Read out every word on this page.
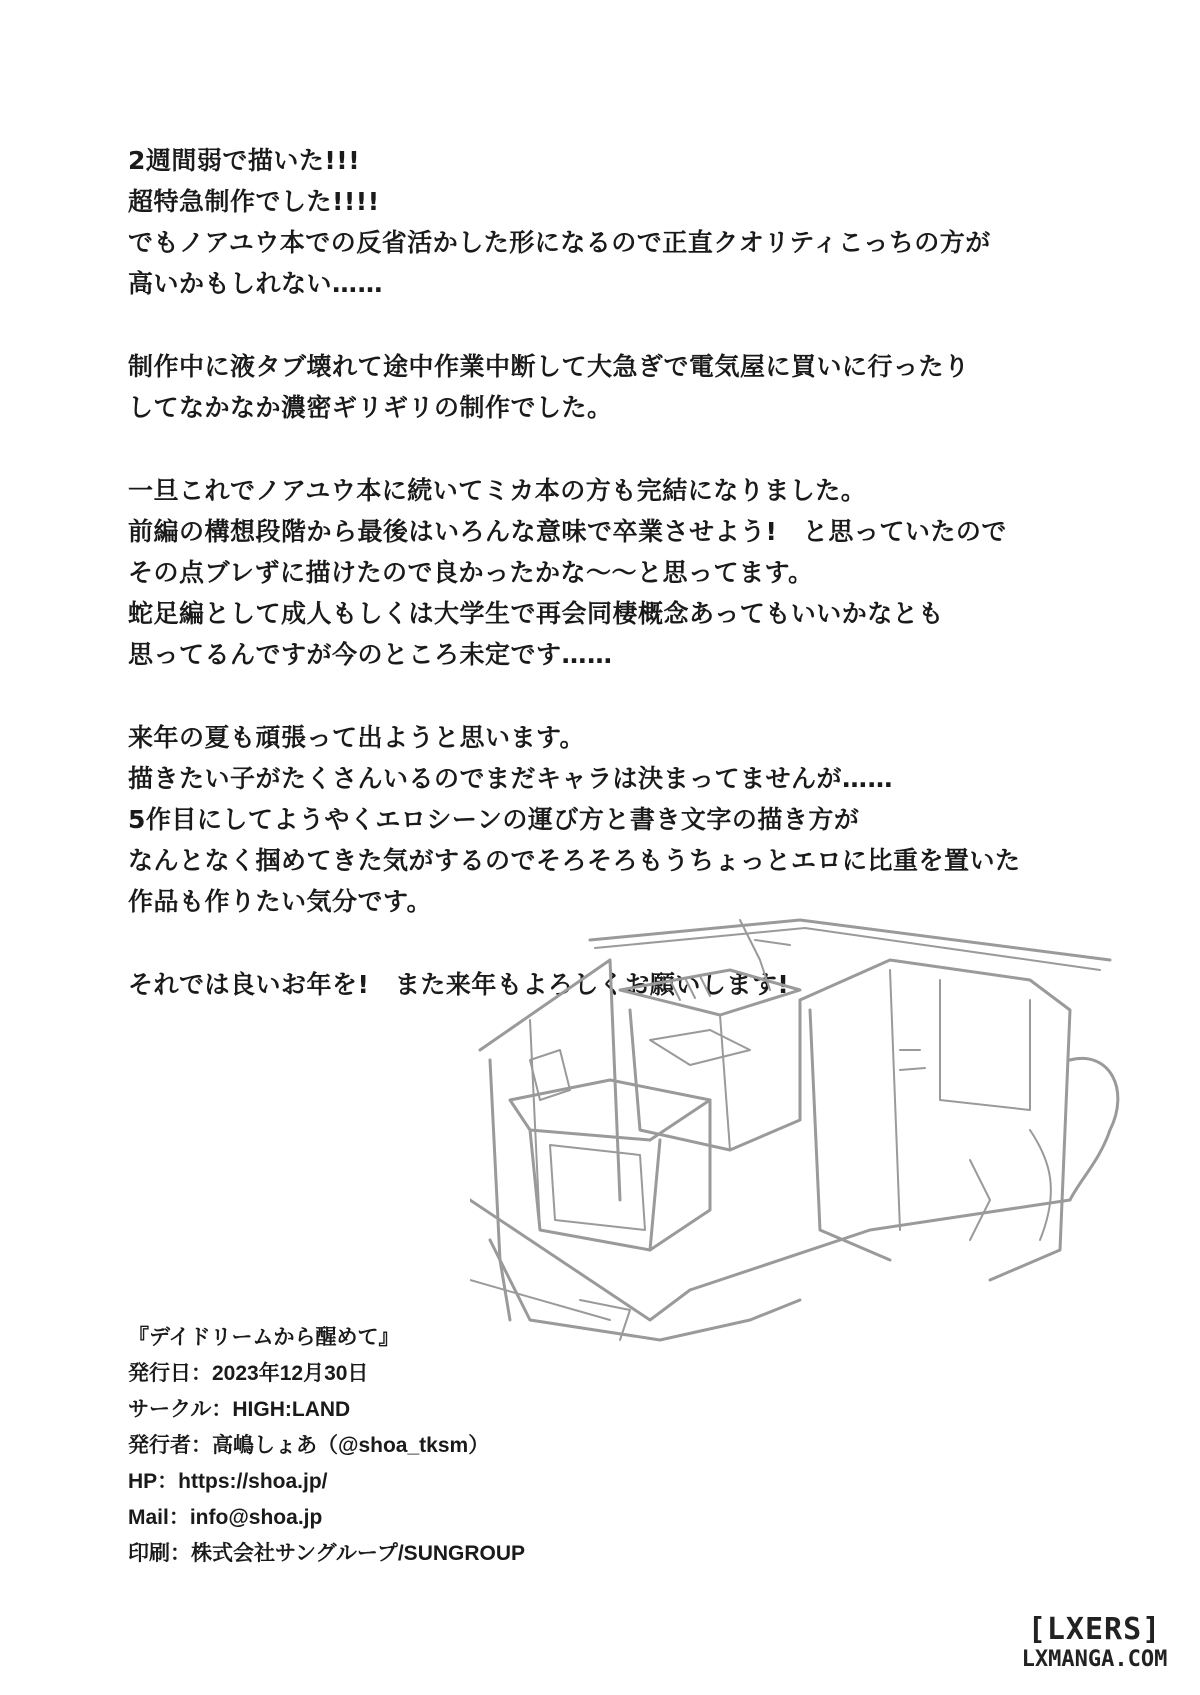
2週間弱で描いた!!!
超特急制作でした!!!!
でもノアユウ本での反省活かした形になるので正直クオリティこっちの方が
高いかもしれない……

制作中に液タブ壊れて途中作業中断して大急ぎで電気屋に買いに行ったり
してなかなか濃密ギリギリの制作でした。

一旦これでノアユウ本に続いてミカ本の方も完結になりました。
前編の構想段階から最後はいろんな意味で卒業させよう!　と思っていたので
その点ブレずに描けたので良かったかな〜〜と思ってます。
蛇足編として成人もしくは大学生で再会同棲概念あってもいいかなとも
思ってるんですが今のところ未定です……

来年の夏も頑張って出ようと思います。
描きたい子がたくさんいるのでまだキャラは決まってませんが……
5作目にしてようやくエロシーンの運び方と書き文字の描き方が
なんとなく掴めてきた気がするのでそろそろもうちょっとエロに比重を置いた
作品も作りたい気分です。

それでは良いお年を!　また来年もよろしくお願いします!

『デイドリームから醒めて』
発行日：2023年12月30日
サークル：HIGH:LAND
発行者：高嶋しょあ（@shoa_tksm）
HP：https://shoa.jp/
Mail：info@shoa.jp
印刷：株式会社サングループ/SUNGROUP
[LXERS]
LXMANGA.COM
